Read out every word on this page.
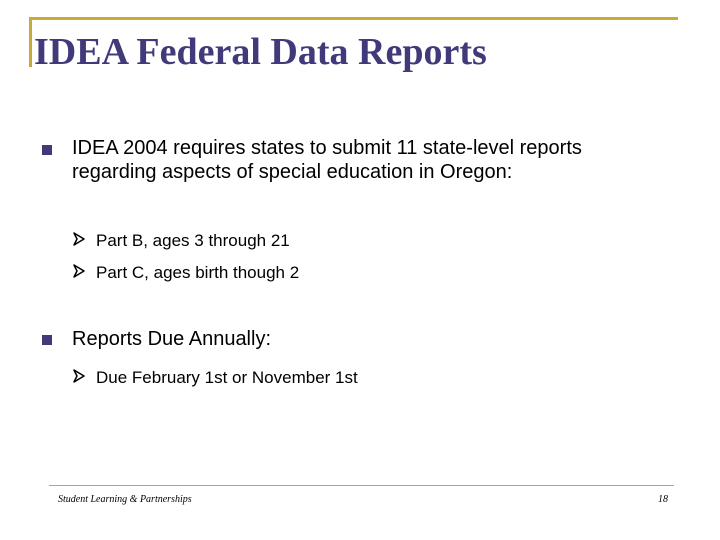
IDEA Federal Data Reports
IDEA 2004 requires states to submit 11 state-level reports regarding aspects of special education in Oregon:
Part B, ages 3 through 21
Part C, ages birth though 2
Reports Due Annually:
Due February 1st or November 1st
Student Learning & Partnerships	18
